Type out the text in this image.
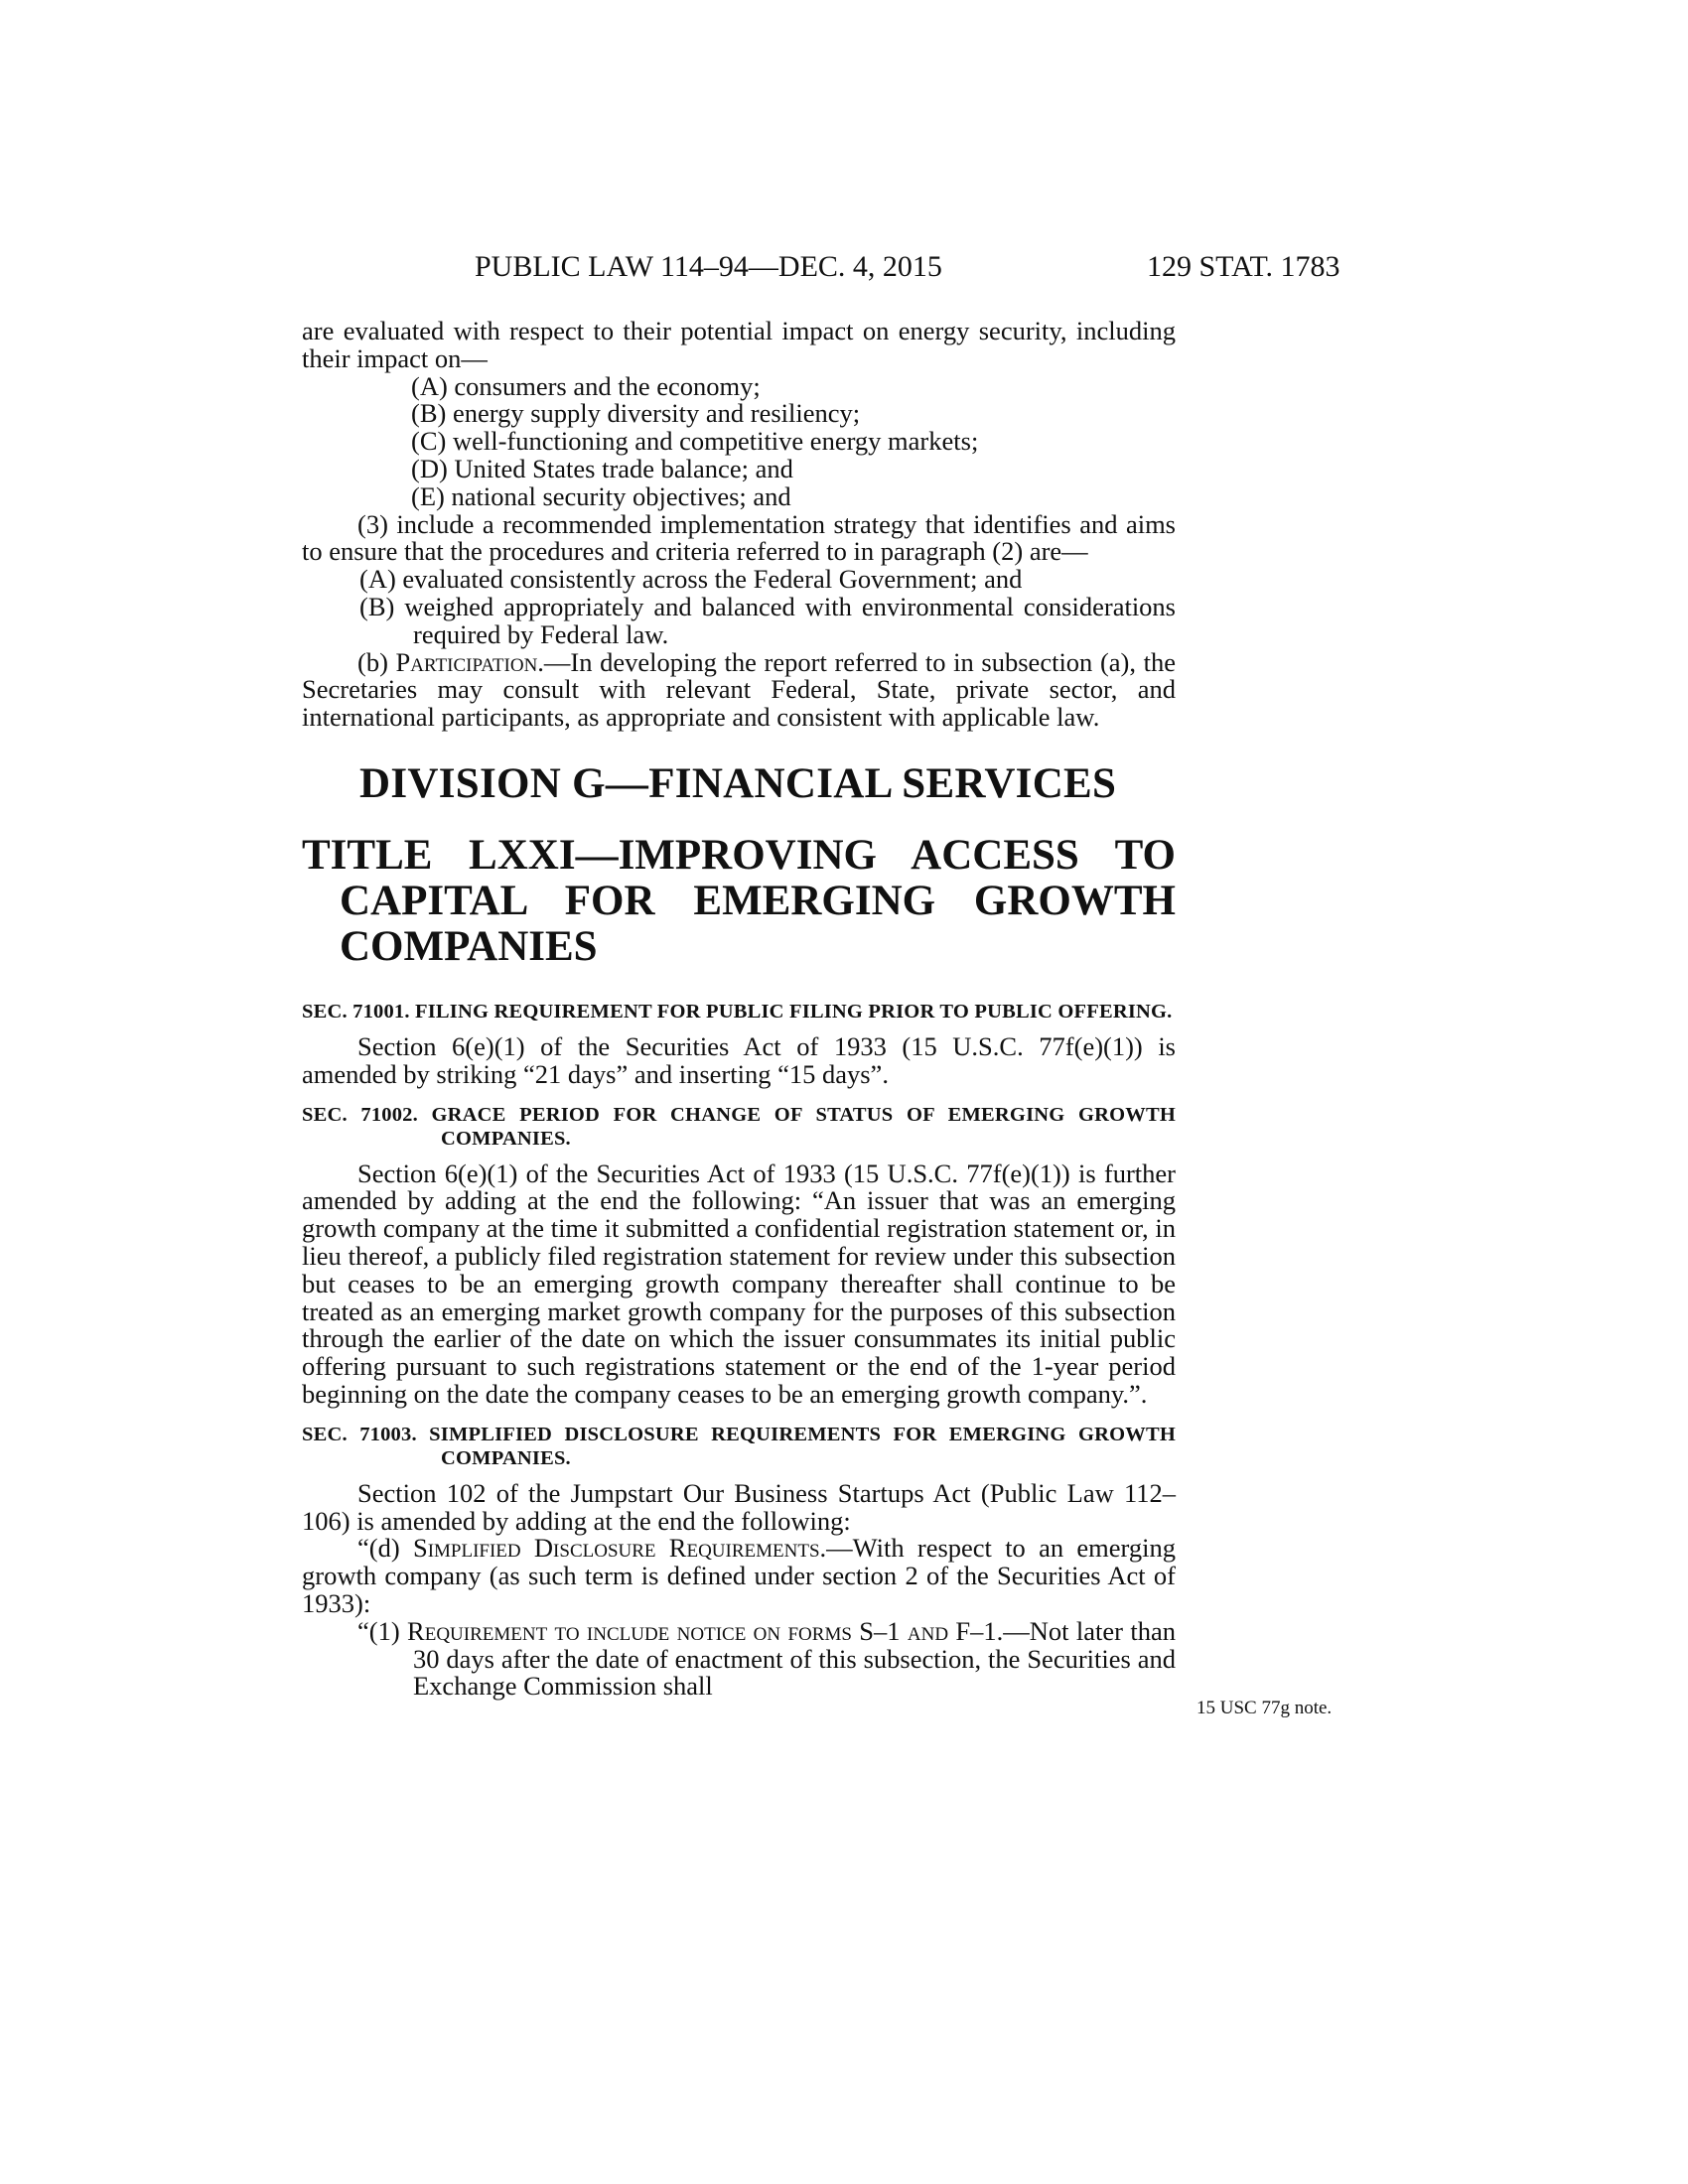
PUBLIC LAW 114–94—DEC. 4, 2015	129 STAT. 1783

are evaluated with respect to their potential impact on energy security, including their impact on—

(A) consumers and the economy;

(B) energy supply diversity and resiliency;

(C) well-functioning and competitive energy markets;

(D) United States trade balance; and

(E) national security objectives; and

(3) include a recommended implementation strategy that identifies and aims to ensure that the procedures and criteria referred to in paragraph (2) are—

(A) evaluated consistently across the Federal Government; and

(B) weighed appropriately and balanced with environmental considerations required by Federal law.

(b) Participation.—In developing the report referred to in subsection (a), the Secretaries may consult with relevant Federal, State, private sector, and international participants, as appropriate and consistent with applicable law.

DIVISION G—FINANCIAL SERVICES
TITLE LXXI—IMPROVING ACCESS TO CAPITAL FOR EMERGING GROWTH COMPANIES
SEC. 71001. FILING REQUIREMENT FOR PUBLIC FILING PRIOR TO PUBLIC OFFERING.

Section 6(e)(1) of the Securities Act of 1933 (15 U.S.C. 77f(e)(1)) is amended by striking “21 days” and inserting “15 days”.

SEC. 71002. GRACE PERIOD FOR CHANGE OF STATUS OF EMERGING GROWTH COMPANIES.

Section 6(e)(1) of the Securities Act of 1933 (15 U.S.C. 77f(e)(1)) is further amended by adding at the end the following: “An issuer that was an emerging growth company at the time it submitted a confidential registration statement or, in lieu thereof, a publicly filed registration statement for review under this subsection but ceases to be an emerging growth company thereafter shall continue to be treated as an emerging market growth company for the purposes of this subsection through the earlier of the date on which the issuer consummates its initial public offering pursuant to such registrations statement or the end of the 1-year period beginning on the date the company ceases to be an emerging growth company.”.

SEC. 71003. SIMPLIFIED DISCLOSURE REQUIREMENTS FOR EMERGING GROWTH COMPANIES.

Section 102 of the Jumpstart Our Business Startups Act (Public Law 112–106) is amended by adding at the end the following:

“(d) Simplified Disclosure Requirements.—With respect to an emerging growth company (as such term is defined under section 2 of the Securities Act of 1933):

“(1) Requirement to include notice on forms S–1 and F–1.—Not later than 30 days after the date of enactment of this subsection, the Securities and Exchange Commission shall

15 USC 77g note.
